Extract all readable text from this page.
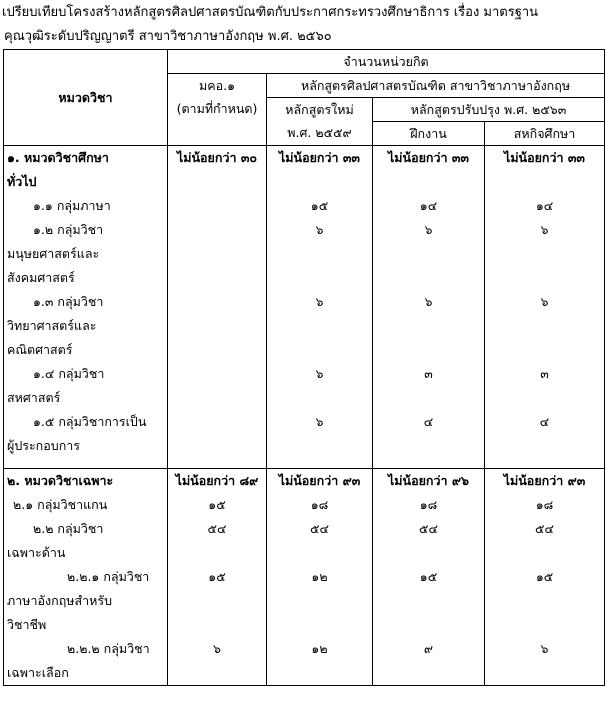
เปรียบเทียบโครงสร้างหลักสูตรศิลปศาสตรบัณฑิตกับประกาศกระทรวงศึกษาธิการ เรื่อง มาตรฐาน
คุณวุฒิระดับปริญญาตรี สาขาวิชาภาษาอังกฤษ พ.ศ. ๒๕๖๐
หมวดวิชา	จำนวนหน่วยกิต			

	มคอ.๑
(ตามที่กำหนด)	หลักสูตรศิลปศาสตรบัณฑิต สาขาวิชาภาษาอังกฤษ		

		หลักสูตรใหม่
พ.ศ. ๒๕๕๙	หลักสูตรปรับปรุง พ.ศ. ๒๕๖๓	
			ฝึกงาน	สหกิจศึกษา

๑. หมวดวิชาศึกษา
ทั่วไป	ไม่น้อยกว่า ๓๐	ไม่น้อยกว่า ๓๓	ไม่น้อยกว่า ๓๓	ไม่น้อยกว่า ๓๓

๑.๑ กลุ่มภาษา		๑๕	๑๔	๑๔

๑.๒ กลุ่มวิชา
มนุษยศาสตร์และ
สังคมศาสตร์		๖	๖	๖

๑.๓ กลุ่มวิชา
วิทยาศาสตร์และ
คณิตศาสตร์		๖	๖	๖

๑.๔ กลุ่มวิชา
สหศาสตร์		๖	๓	๓

๑.๕ กลุ่มวิชาการเป็น
ผู้ประกอบการ		๖	๔	๔

๒. หมวดวิชาเฉพาะ	ไม่น้อยกว่า ๘๙	ไม่น้อยกว่า ๙๓	ไม่น้อยกว่า ๙๖	ไม่น้อยกว่า ๙๓

๒.๑ กลุ่มวิชาแกน	๑๕	๑๘	๑๘	๑๘

๒.๒ กลุ่มวิชา
เฉพาะด้าน	๕๔	๕๔	๕๔	๕๔

๒.๒.๑ กลุ่มวิชา
ภาษาอังกฤษสำหรับ
วิชาชีพ	๑๕	๑๒	๑๕	๑๕

๒.๒.๒ กลุ่มวิชา
เฉพาะเลือก	๖	๑๒	๙	๖
